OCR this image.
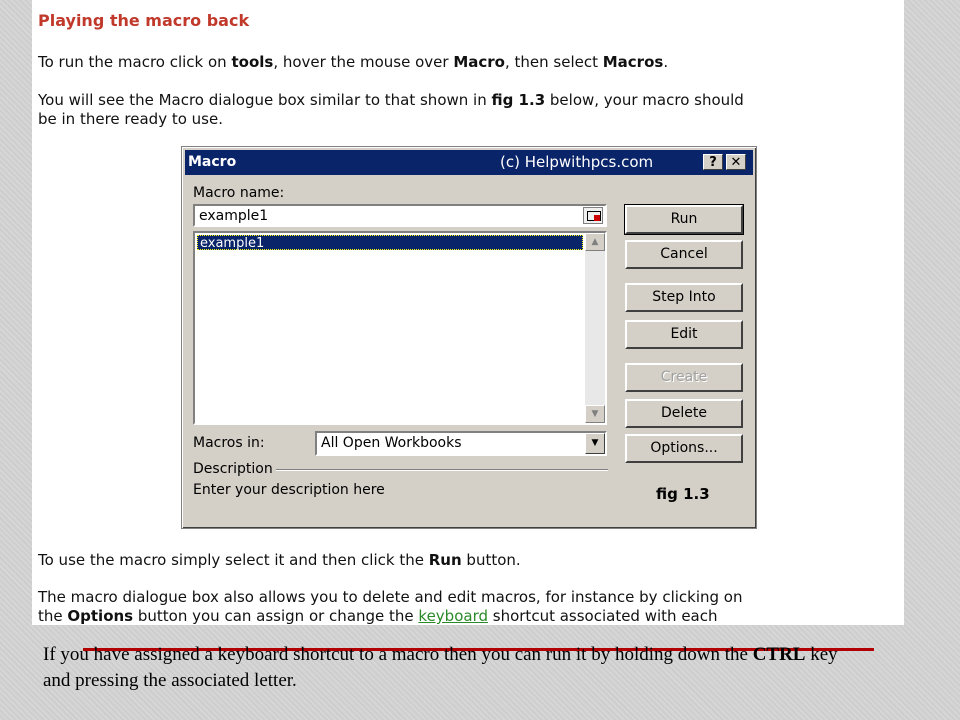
Playing the macro back
To run the macro click on tools, hover the mouse over Macro, then select Macros.
You will see the Macro dialogue box similar to that shown in fig 1.3 below, your macro should
be in there ready to use.
Macro	(c) Helpwithpcs.com	?	✕
Macro name:
example1
example1	▲
▼
Run
Cancel
Step Into
Edit
Create
Delete
Options...
Macros in:	All Open Workbooks	▼
Description
Enter your description here	fig 1.3
To use the macro simply select it and then click the Run button.
The macro dialogue box also allows you to delete and edit macros, for instance by clicking on
the Options button you can assign or change the keyboard shortcut associated with each
If you have assigned a keyboard shortcut to a macro then you can run it by holding down the CTRL key and pressing the associated letter.
